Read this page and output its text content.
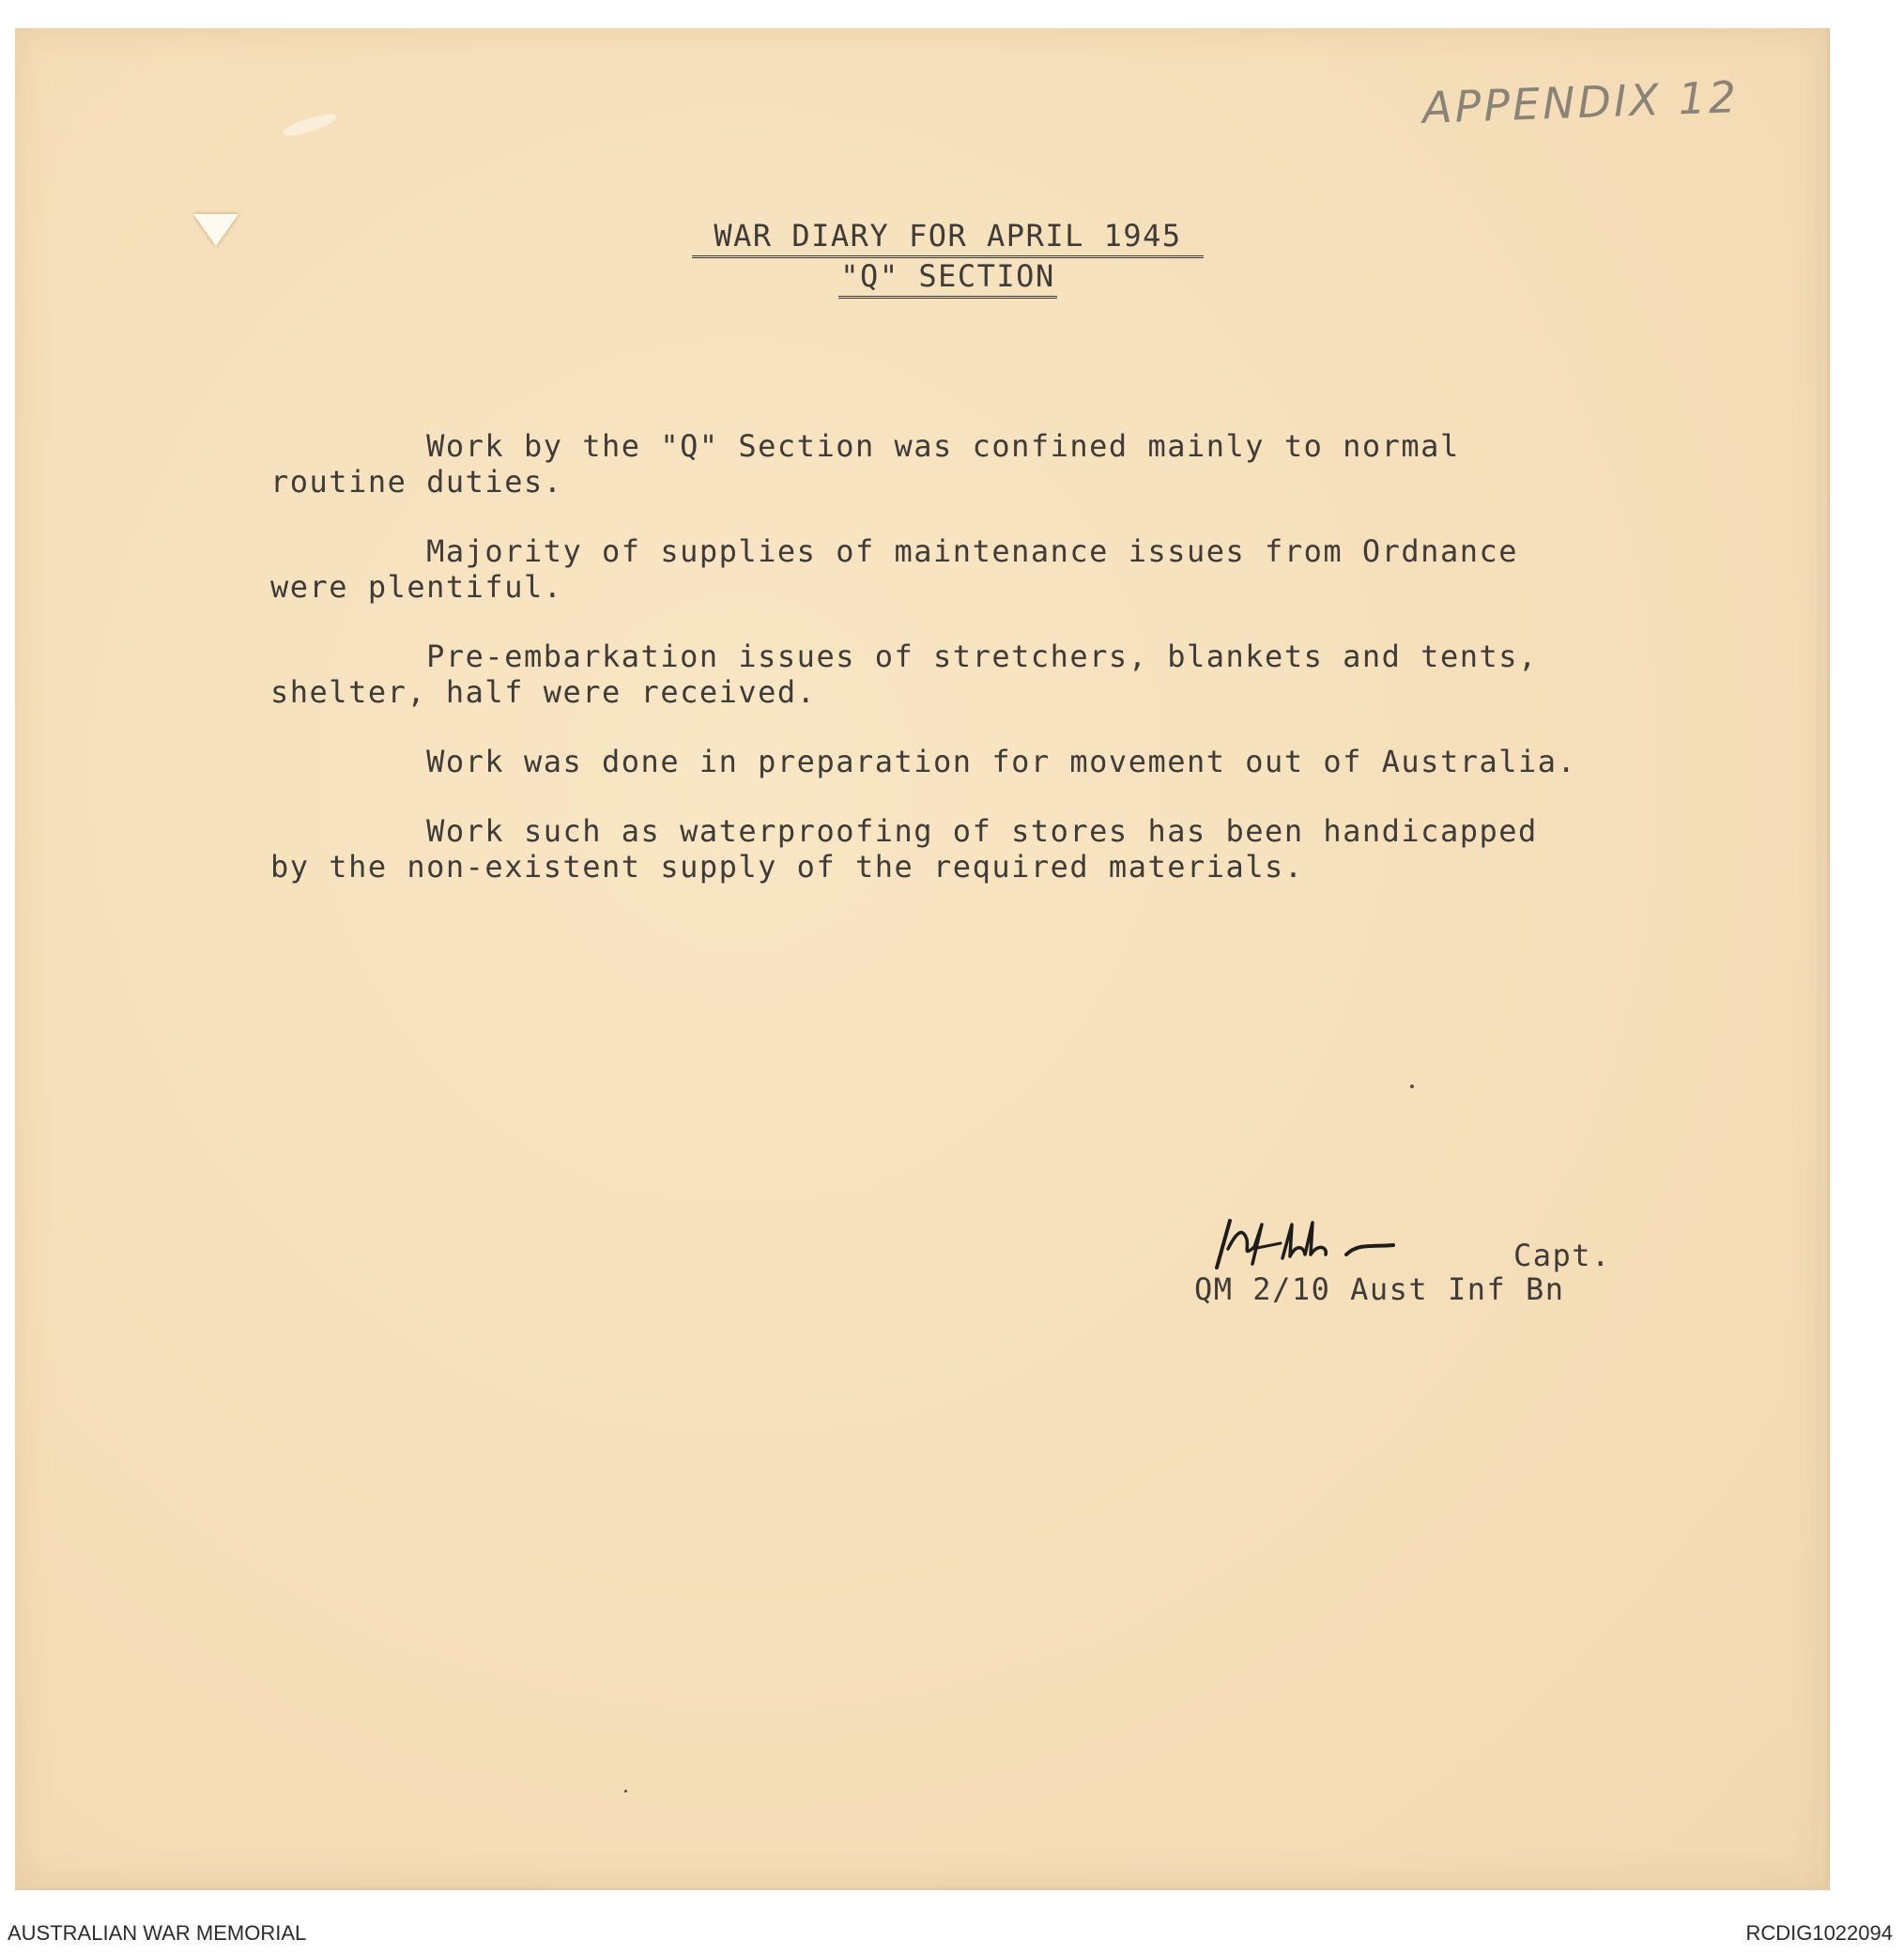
APPENDIX 12
WAR DIARY FOR APRIL 1945
"Q" SECTION

Work by the "Q" Section was confined mainly to normal
routine duties.

Majority of supplies of maintenance issues from Ordnance
were plentiful.

Pre-embarkation issues of stretchers, blankets and tents,
shelter, half were received.

Work was done in preparation for movement out of Australia.

Work such as waterproofing of stores has been handicapped
by the non-existent supply of the required materials.

Capt.
QM 2/10 Aust Inf Bn
AUSTRALIAN WAR MEMORIAL	RCDIG1022094
